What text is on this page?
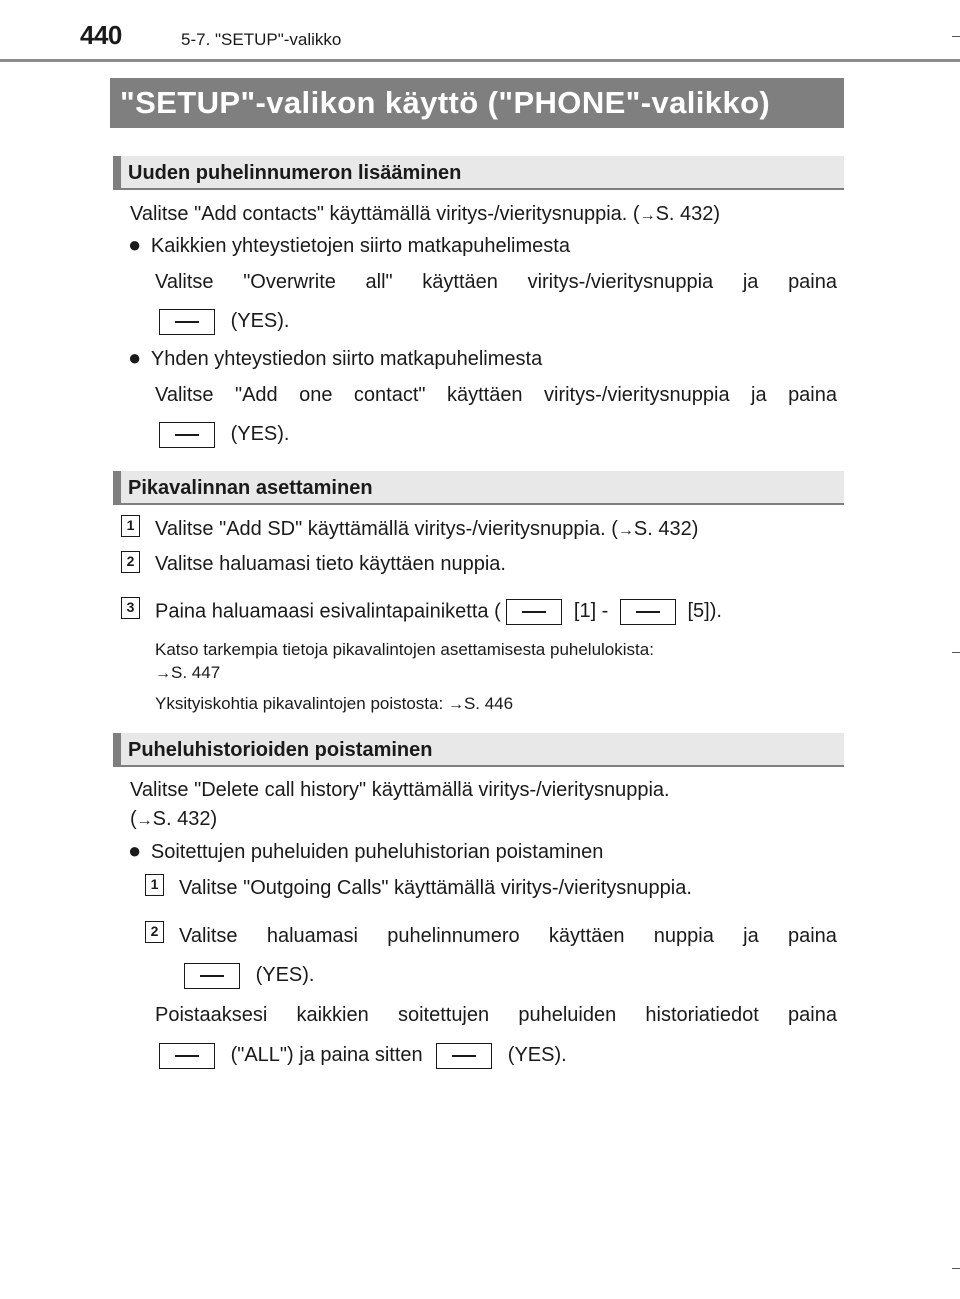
440	5-7. "SETUP"-valikko
"SETUP"-valikon käyttö ("PHONE"-valikko)
Uuden puhelinnumeron lisääminen
Valitse "Add contacts" käyttämällä viritys-/vieritysnuppia. (→S. 432)
● Kaikkien yhteystietojen siirto matkapuhelimesta
Valitse "Overwrite all" käyttäen viritys-/vieritysnuppia ja paina
(YES).
● Yhden yhteystiedon siirto matkapuhelimesta
Valitse "Add one contact" käyttäen viritys-/vieritysnuppia ja paina
(YES).
Pikavalinnan asettaminen
1 Valitse "Add SD" käyttämällä viritys-/vieritysnuppia. (→S. 432)
2 Valitse haluamasi tieto käyttäen nuppia.
3 Paina haluamaasi esivalintapainiketta (	[1] -	[5]).
Katso tarkempia tietoja pikavalintojen asettamisesta puhelulokista:
→S. 447
Yksityiskohtia pikavalintojen poistosta: →S. 446
Puheluhistorioiden poistaminen
Valitse "Delete call history" käyttämällä viritys-/vieritysnuppia.
(→S. 432)
● Soitettujen puheluiden puheluhistorian poistaminen
1 Valitse "Outgoing Calls" käyttämällä viritys-/vieritysnuppia.
2 Valitse haluamasi puhelinnumero käyttäen nuppia ja paina
(YES).
Poistaaksesi kaikkien soitettujen puheluiden historiatiedot paina
("ALL") ja paina sitten	(YES).
